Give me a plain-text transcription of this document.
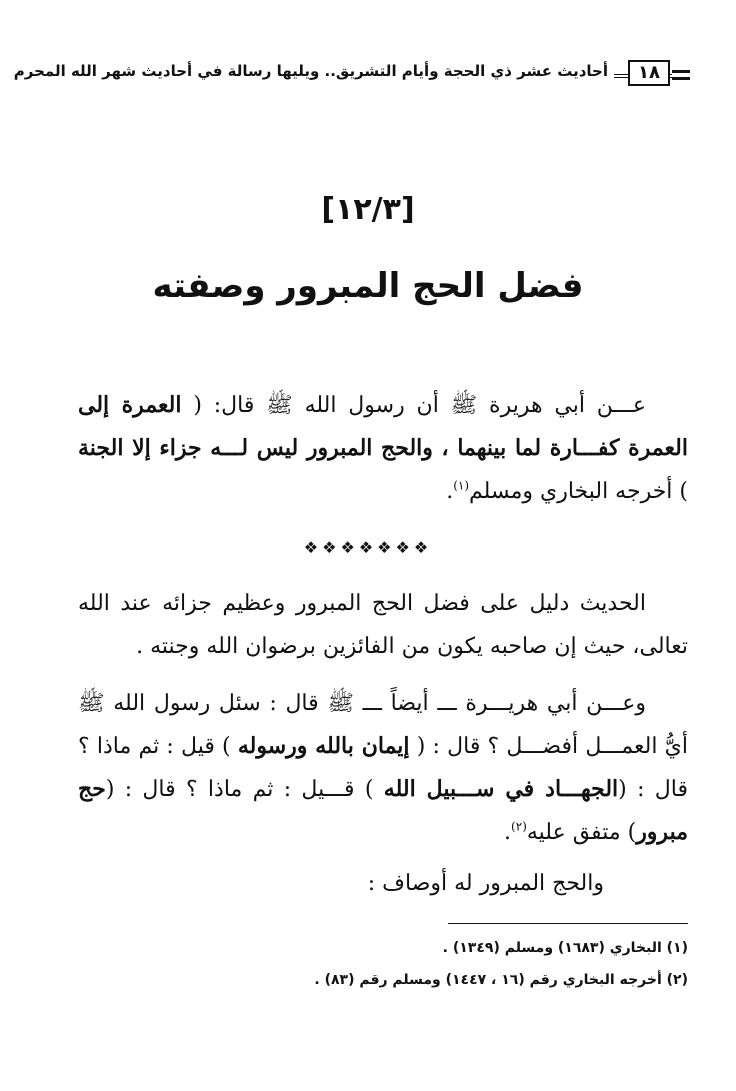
١٨
أحاديث عشر ذي الحجة وأيام التشريق.. ويليها رسالة في أحاديث شهر الله المحرم
[١٢/٣]
فضل الحج المبرور وصفته
عـــن أبي هريرة ﷺ أن رسول الله ﷺ قال: ( العمرة إلى العمرة كفـــارة لما بينهما ، والحج المبرور ليس لـــه جزاء إلا الجنة ) أخرجه البخاري ومسلم$^{(١)}$.
❖❖❖❖❖❖❖
الحديث دليل على فضل الحج المبرور وعظيم جزائه عند الله تعالى، حيث إن صاحبه يكون من الفائزين برضوان الله وجنته .
وعـــن أبي هريـــرة ـــ أيضاً ـــ ﷺ قال : سئل رسول الله ﷺ أيُّ العمـــل أفضـــل ؟ قال : ( إيمان بالله ورسوله ) قيل : ثم ماذا ؟ قال : (الجهـــاد في ســـبيل الله ) قـــيل : ثم ماذا ؟ قال : (حج مبرور) متفق عليه$^{(٢)}$.
والحج المبرور له أوصاف :
(١) البخاري (١٦٨٣) ومسلم (١٣٤٩) .
(٢) أخرجه البخاري رقم (١٦ ، ١٤٤٧) ومسلم رقم (٨٣) .
